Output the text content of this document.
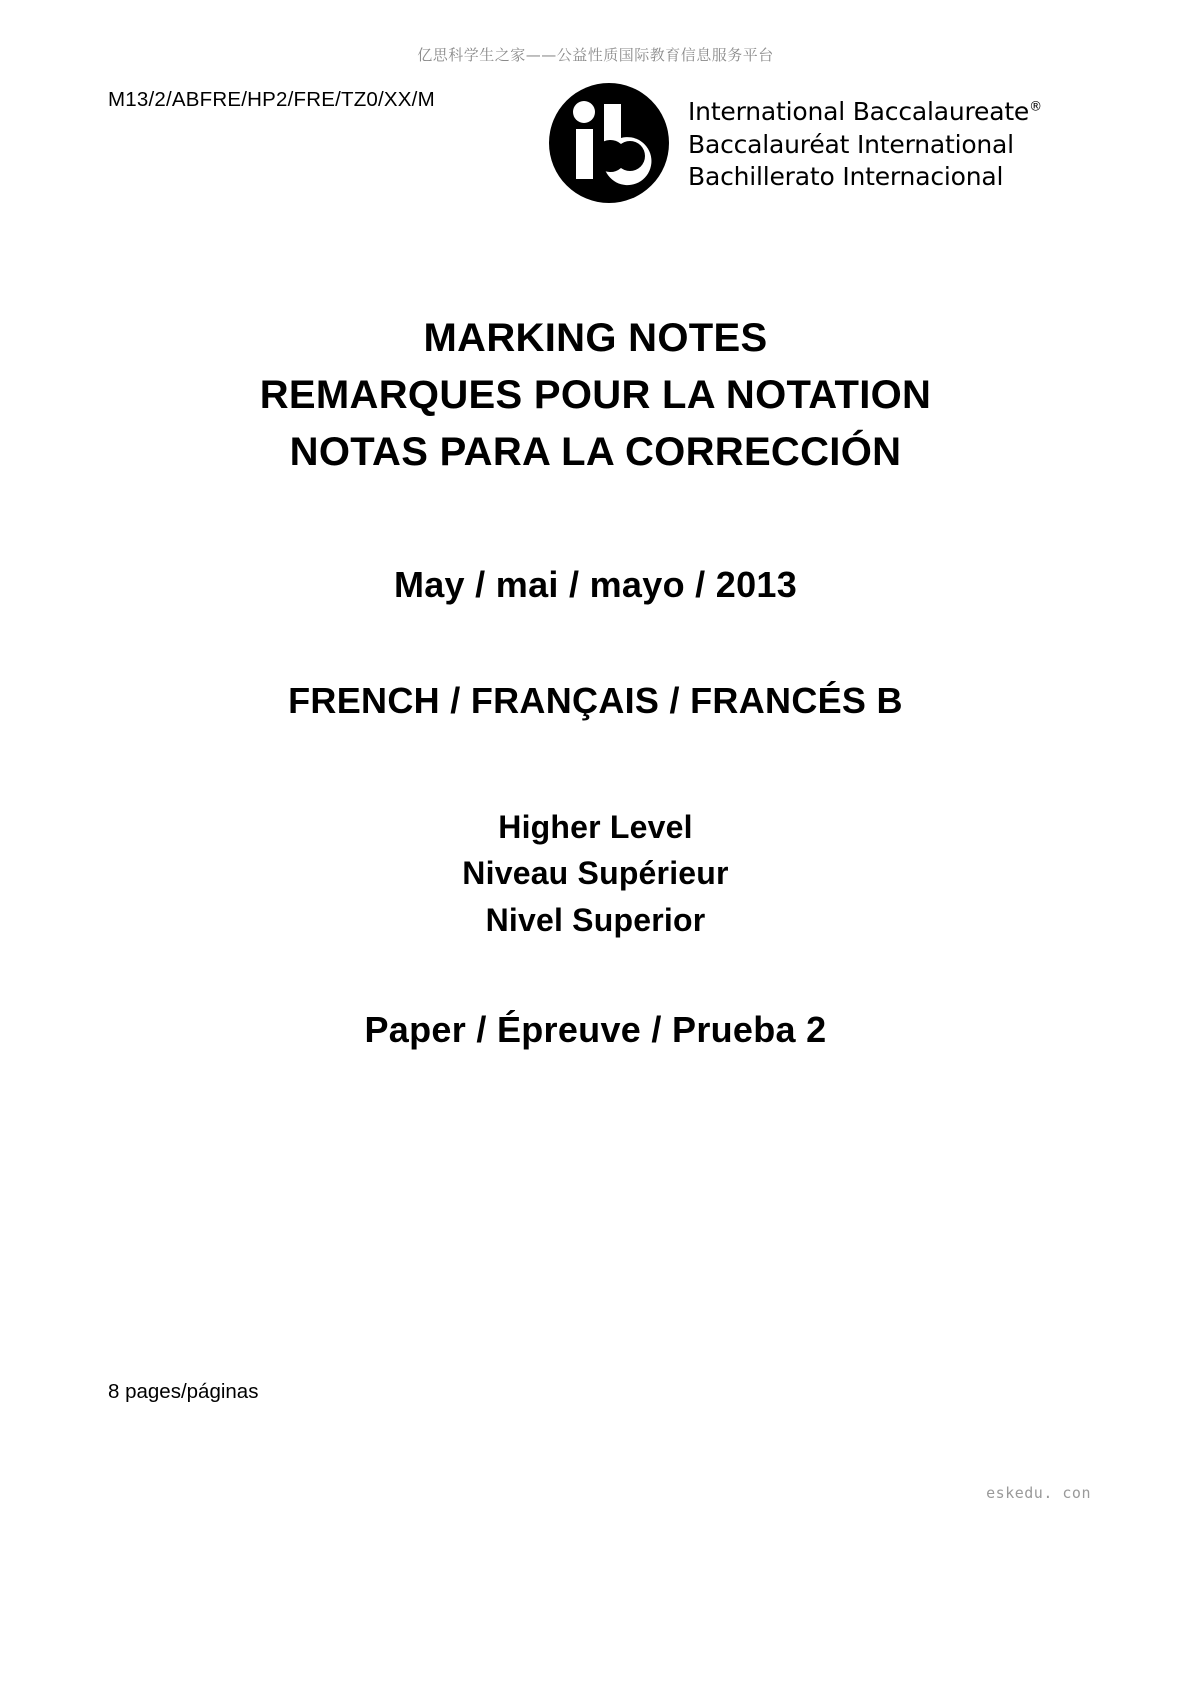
亿思科学生之家——公益性质国际教育信息服务平台
M13/2/ABFRE/HP2/FRE/TZ0/XX/M	International Baccalaureate®
Baccalauréat International
Bachillerato Internacional
MARKING NOTES
REMARQUES POUR LA NOTATION
NOTAS PARA LA CORRECCIÓN
May / mai / mayo / 2013
FRENCH / FRANÇAIS / FRANCÉS B
Higher Level
Niveau Supérieur
Nivel Superior
Paper / Épreuve / Prueba 2
8 pages/páginas
eskedu. con
